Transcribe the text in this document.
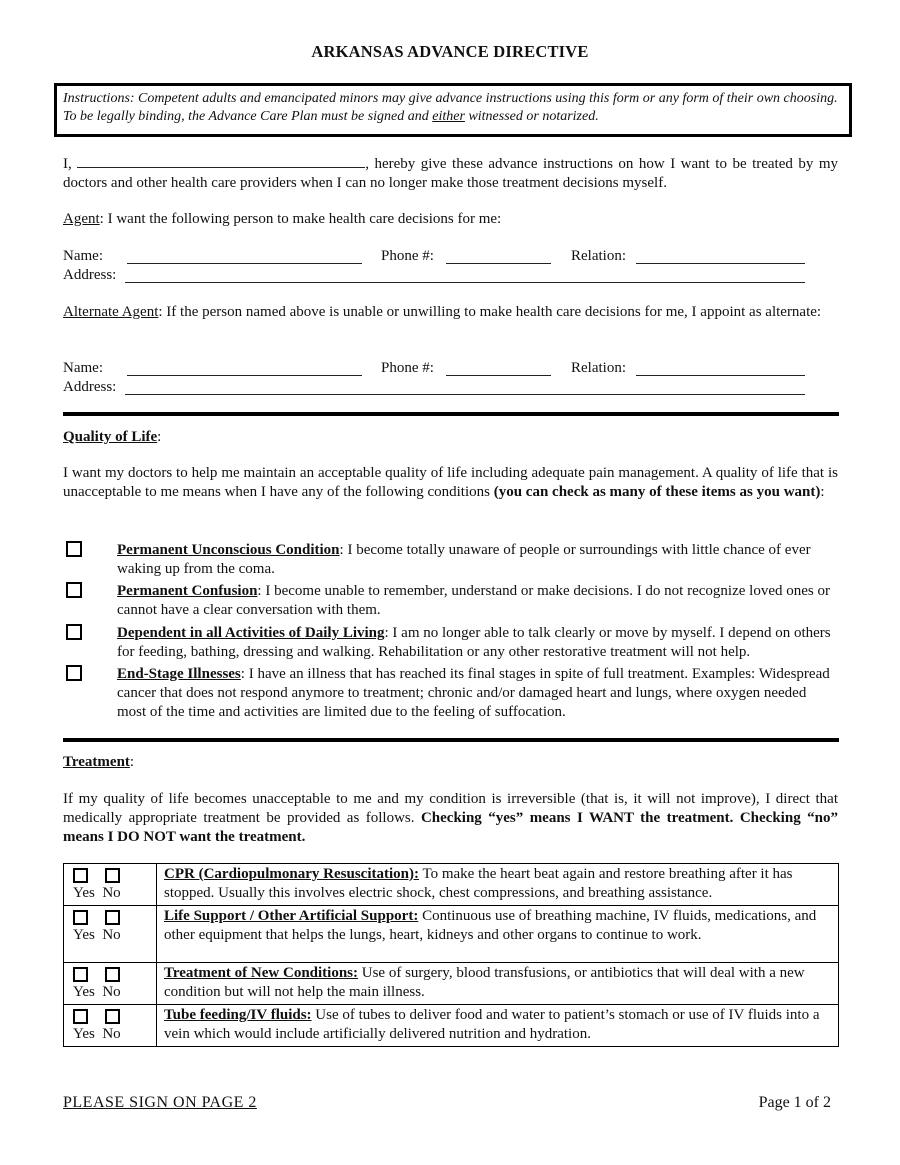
ARKANSAS ADVANCE DIRECTIVE
Instructions: Competent adults and emancipated minors may give advance instructions using this form or any form of their own choosing. To be legally binding, the Advance Care Plan must be signed and either witnessed or notarized.
I,	, hereby give these advance instructions on how I want to be treated by my doctors and other health care providers when I can no longer make those treatment decisions myself.
Agent: I want the following person to make health care decisions for me:
Name:	Phone #:	Relation:
Address:
Alternate Agent: If the person named above is unable or unwilling to make health care decisions for me, I appoint as alternate:
Name:	Phone #:	Relation:
Address:
Quality of Life:
I want my doctors to help me maintain an acceptable quality of life including adequate pain management. A quality of life that is unacceptable to me means when I have any of the following conditions (you can check as many of these items as you want):
Permanent Unconscious Condition: I become totally unaware of people or surroundings with little chance of ever waking up from the coma.
Permanent Confusion: I become unable to remember, understand or make decisions. I do not recognize loved ones or cannot have a clear conversation with them.
Dependent in all Activities of Daily Living: I am no longer able to talk clearly or move by myself. I depend on others for feeding, bathing, dressing and walking. Rehabilitation or any other restorative treatment will not help.
End-Stage Illnesses: I have an illness that has reached its final stages in spite of full treatment. Examples: Widespread cancer that does not respond anymore to treatment; chronic and/or damaged heart and lungs, where oxygen needed most of the time and activities are limited due to the feeling of suffocation.
Treatment:
If my quality of life becomes unacceptable to me and my condition is irreversible (that is, it will not improve), I direct that medically appropriate treatment be provided as follows. Checking “yes” means I WANT the treatment. Checking “no” means I DO NOT want the treatment.
Yes No	CPR (Cardiopulmonary Resuscitation): To make the heart beat again and restore breathing after it has stopped. Usually this involves electric shock, chest compressions, and breathing assistance.

Yes No	Life Support / Other Artificial Support: Continuous use of breathing machine, IV fluids, medications, and other equipment that helps the lungs, heart, kidneys and other organs to continue to work.

Yes No	Treatment of New Conditions: Use of surgery, blood transfusions, or antibiotics that will deal with a new condition but will not help the main illness.

Yes No	Tube feeding/IV fluids: Use of tubes to deliver food and water to patient’s stomach or use of IV fluids into a vein which would include artificially delivered nutrition and hydration.
PLEASE SIGN ON PAGE 2	Page 1 of 2
